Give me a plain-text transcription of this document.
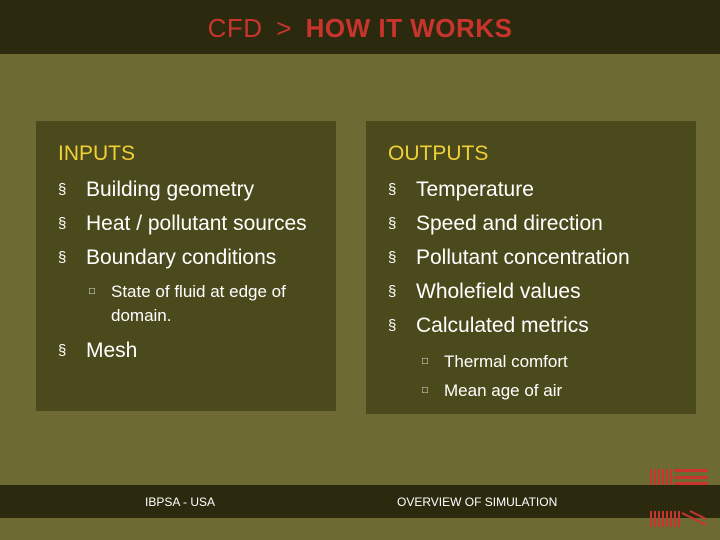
CFD > HOW IT WORKS
INPUTS
§ Building geometry
§ Heat / pollutant sources
§ Boundary conditions
□ State of fluid at edge of domain.
§ Mesh
OUTPUTS
§ Temperature
§ Speed and direction
§ Pollutant concentration
§ Wholefield values
§ Calculated metrics
□ Thermal comfort
□ Mean age of air
IBPSA - USA	OVERVIEW OF SIMULATION
